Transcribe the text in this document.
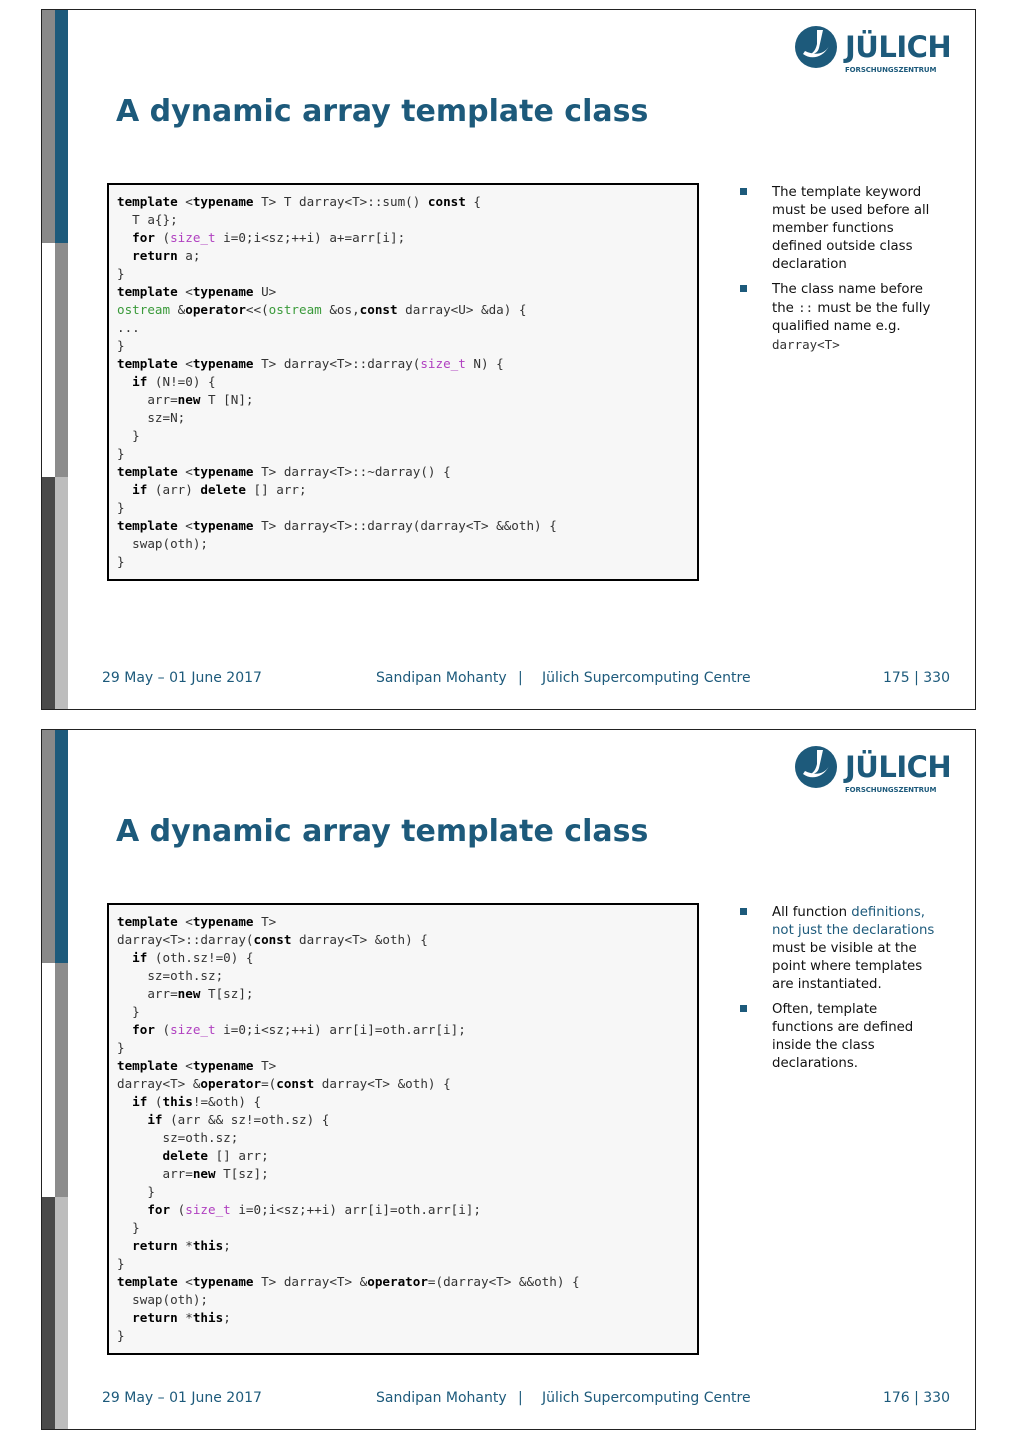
JÜLICH
FORSCHUNGSZENTRUM
A dynamic array template class
template <typename T> T darray<T>::sum() const {
T a{};
for (size_t i=0;i<sz;++i) a+=arr[i];
return a;
}
template <typename U>
ostream &operator<<(ostream &os,const darray<U> &da) {
...
}
template <typename T> darray<T>::darray(size_t N) {
if (N!=0) {
arr=new T [N];
sz=N;
}
}
template <typename T> darray<T>::~darray() {
if (arr) delete [] arr;
}
template <typename T> darray<T>::darray(darray<T> &&oth) {
swap(oth);
}
The template keyword must be used before all member functions defined outside class declaration
The class name before the :: must be the fully qualified name e.g. darray<T>
29 May – 01 June 2017	Sandipan Mohanty | Jülich Supercomputing Centre	175 | 330
JÜLICH
FORSCHUNGSZENTRUM
A dynamic array template class
template <typename T>
darray<T>::darray(const darray<T> &oth) {
if (oth.sz!=0) {
sz=oth.sz;
arr=new T[sz];
}
for (size_t i=0;i<sz;++i) arr[i]=oth.arr[i];
}
template <typename T>
darray<T> &operator=(const darray<T> &oth) {
if (this!=&oth) {
if (arr && sz!=oth.sz) {
sz=oth.sz;
delete [] arr;
arr=new T[sz];
}
for (size_t i=0;i<sz;++i) arr[i]=oth.arr[i];
}
return *this;
}
template <typename T> darray<T> &operator=(darray<T> &&oth) {
swap(oth);
return *this;
}
All function definitions, not just the declarations must be visible at the point where templates are instantiated.
Often, template functions are defined inside the class declarations.
29 May – 01 June 2017	Sandipan Mohanty | Jülich Supercomputing Centre	176 | 330
